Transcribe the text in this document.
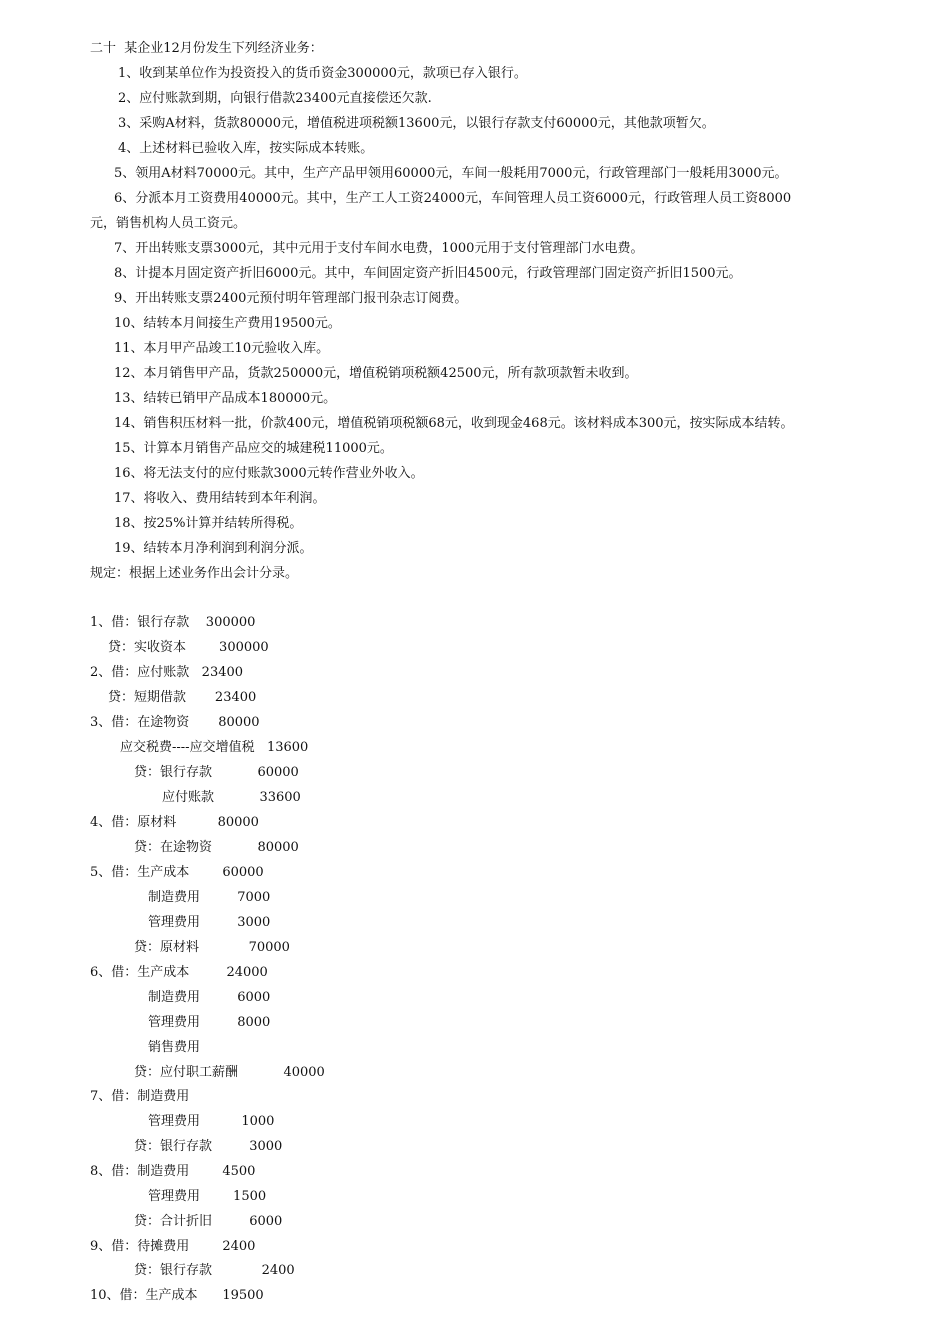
二十  某企业12月份发生下列经济业务：
1、收到某单位作为投资投入的货币资金300000元，款项已存入银行。
2、应付账款到期，向银行借款23400元直接偿还欠款.
3、采购A材料，货款80000元，增值税进项税额13600元，以银行存款支付60000元，其他款项暂欠。
4、上述材料已验收入库，按实际成本转账。
5、领用A材料70000元。其中，生产产品甲领用60000元，车间一般耗用7000元，行政管理部门一般耗用3000元。
6、分派本月工资费用40000元。其中，生产工人工资24000元，车间管理人员工资6000元，行政管理人员工资8000
元，销售机构人员工资元。
7、开出转账支票3000元，其中元用于支付车间水电费，1000元用于支付管理部门水电费。
8、计提本月固定资产折旧6000元。其中，车间固定资产折旧4500元，行政管理部门固定资产折旧1500元。
9、开出转账支票2400元预付明年管理部门报刊杂志订阅费。
10、结转本月间接生产费用19500元。
11、本月甲产品竣工10元验收入库。
12、本月销售甲产品，货款250000元，增值税销项税额42500元，所有款项款暂未收到。
13、结转已销甲产品成本180000元。
14、销售积压材料一批，价款400元，增值税销项税额68元，收到现金468元。该材料成本300元，按实际成本结转。
15、计算本月销售产品应交的城建税11000元。
16、将无法支付的应付账款3000元转作营业外收入。
17、将收入、费用结转到本年利润。
18、按25%计算并结转所得税。
19、结转本月净利润到利润分派。
规定：根据上述业务作出会计分录。
1、借：银行存款    300000
贷：实收资本        300000
2、借：应付账款   23400
贷：短期借款       23400
3、借：在途物资       80000
应交税费----应交增值税   13600
贷：银行存款           60000
应付账款           33600
4、借：原材料          80000
贷：在途物资           80000
5、借：生产成本        60000
制造费用         7000
管理费用         3000
贷：原材料            70000
6、借：生产成本         24000
制造费用         6000
管理费用         8000
销售费用
贷：应付职工薪酬           40000
7、借：制造费用
管理费用          1000
贷：银行存款         3000
8、借：制造费用        4500
管理费用        1500
贷：合计折旧         6000
9、借：待摊费用        2400
贷：银行存款            2400
10、借：生产成本      19500
